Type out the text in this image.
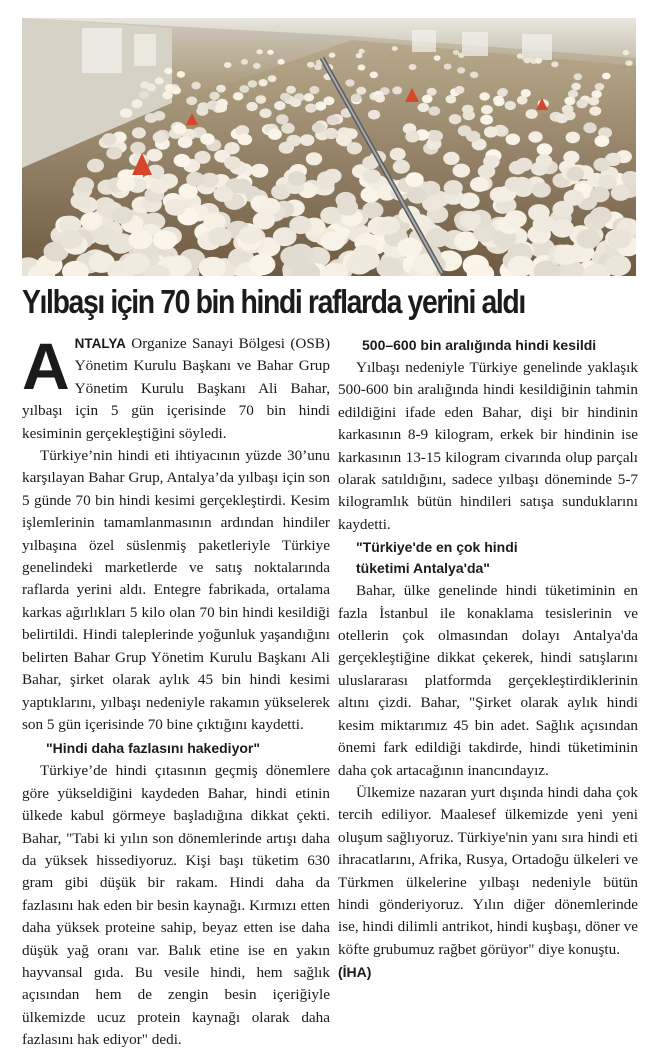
Yılbaşı için 70 bin hindi raflarda yerini aldı

ANTALYA Organize Sanayi Bölgesi (OSB) Yönetim Kurulu Başkanı ve Bahar Grup Yönetim Kurulu Başkanı Ali Bahar, yılbaşı için 5 gün içerisinde 70 bin hindi kesiminin gerçekleştiğini söyledi.

Türkiye’nin hindi eti ihtiyacının yüzde 30’unu karşılayan Bahar Grup, Antalya’da yılbaşı için son 5 günde 70 bin hindi kesimi gerçekleştirdi. Kesim işlemlerinin tamamlanmasının ardından hindiler yılbaşına özel süslenmiş paketleriyle Türkiye genelindeki marketlerde ve satış noktalarında raflarda yerini aldı. Entegre fabrikada, ortalama karkas ağırlıkları 5 kilo olan 70 bin hindi kesildiği belirtildi. Hindi taleplerinde yoğunluk yaşandığını belirten Bahar Grup Yönetim Kurulu Başkanı Ali Bahar, şirket olarak aylık 45 bin hindi kesimi yaptıklarını, yılbaşı nedeniyle rakamın yükselerek son 5 gün içerisinde 70 bine çıktığını kaydetti.

"Hindi daha fazlasını hakediyor"

Türkiye’de hindi çıtasının geçmiş dönemlere göre yükseldiğini kaydeden Bahar, hindi etinin ülkede kabul görmeye başladığına dikkat çekti. Bahar, "Tabi ki yılın son dönemlerinde artışı daha da yüksek hissediyoruz. Kişi başı tüketim 630 gram gibi düşük bir rakam. Hindi daha da fazlasını hak eden bir besin kaynağı. Kırmızı etten daha yüksek proteine sahip, beyaz etten ise daha düşük yağ oranı var. Balık etine ise en yakın hayvansal gıda. Bu vesile hindi, hem sağlık açısından hem de zengin besin içeriğiyle ülkemizde ucuz protein kaynağı olarak daha fazlasını hak ediyor" dedi.

500–600 bin aralığında hindi kesildi

Yılbaşı nedeniyle Türkiye genelinde yaklaşık 500-600 bin aralığında hindi kesildiğinin tahmin edildiğini ifade eden Bahar, dişi bir hindinin karkasının 8-9 kilogram, erkek bir hindinin ise karkasının 13-15 kilogram civarında olup parçalı olarak satıldığını, sadece yılbaşı döneminde 5-7 kilogramlık bütün hindileri satışa sunduklarını kaydetti.

"Türkiye'de en çok hindi
tüketimi Antalya'da"

Bahar, ülke genelinde hindi tüketiminin en fazla İstanbul ile konaklama tesislerinin ve otellerin çok olmasından dolayı Antalya'da gerçekleştiğine dikkat çekerek, hindi satışlarını uluslararası platformda gerçekleştirdiklerinin altını çizdi. Bahar, "Şirket olarak aylık hindi kesim miktarımız 45 bin adet. Sağlık açısından önemi fark edildiği takdirde, hindi tüketiminin daha çok artacağının inancındayız.

Ülkemize nazaran yurt dışında hindi daha çok tercih ediliyor. Maalesef ülkemizde yeni yeni oluşum sağlıyoruz. Türkiye'nin yanı sıra hindi eti ihracatlarını, Afrika, Rusya, Ortadoğu ülkeleri ve Türkmen ülkelerine yılbaşı nedeniyle bütün hindi gönderiyoruz. Yılın diğer dönemlerinde ise, hindi dilimli antrikot, hindi kuşbaşı, döner ve köfte grubumuz rağbet görüyor" diye konuştu.

(İHA)
